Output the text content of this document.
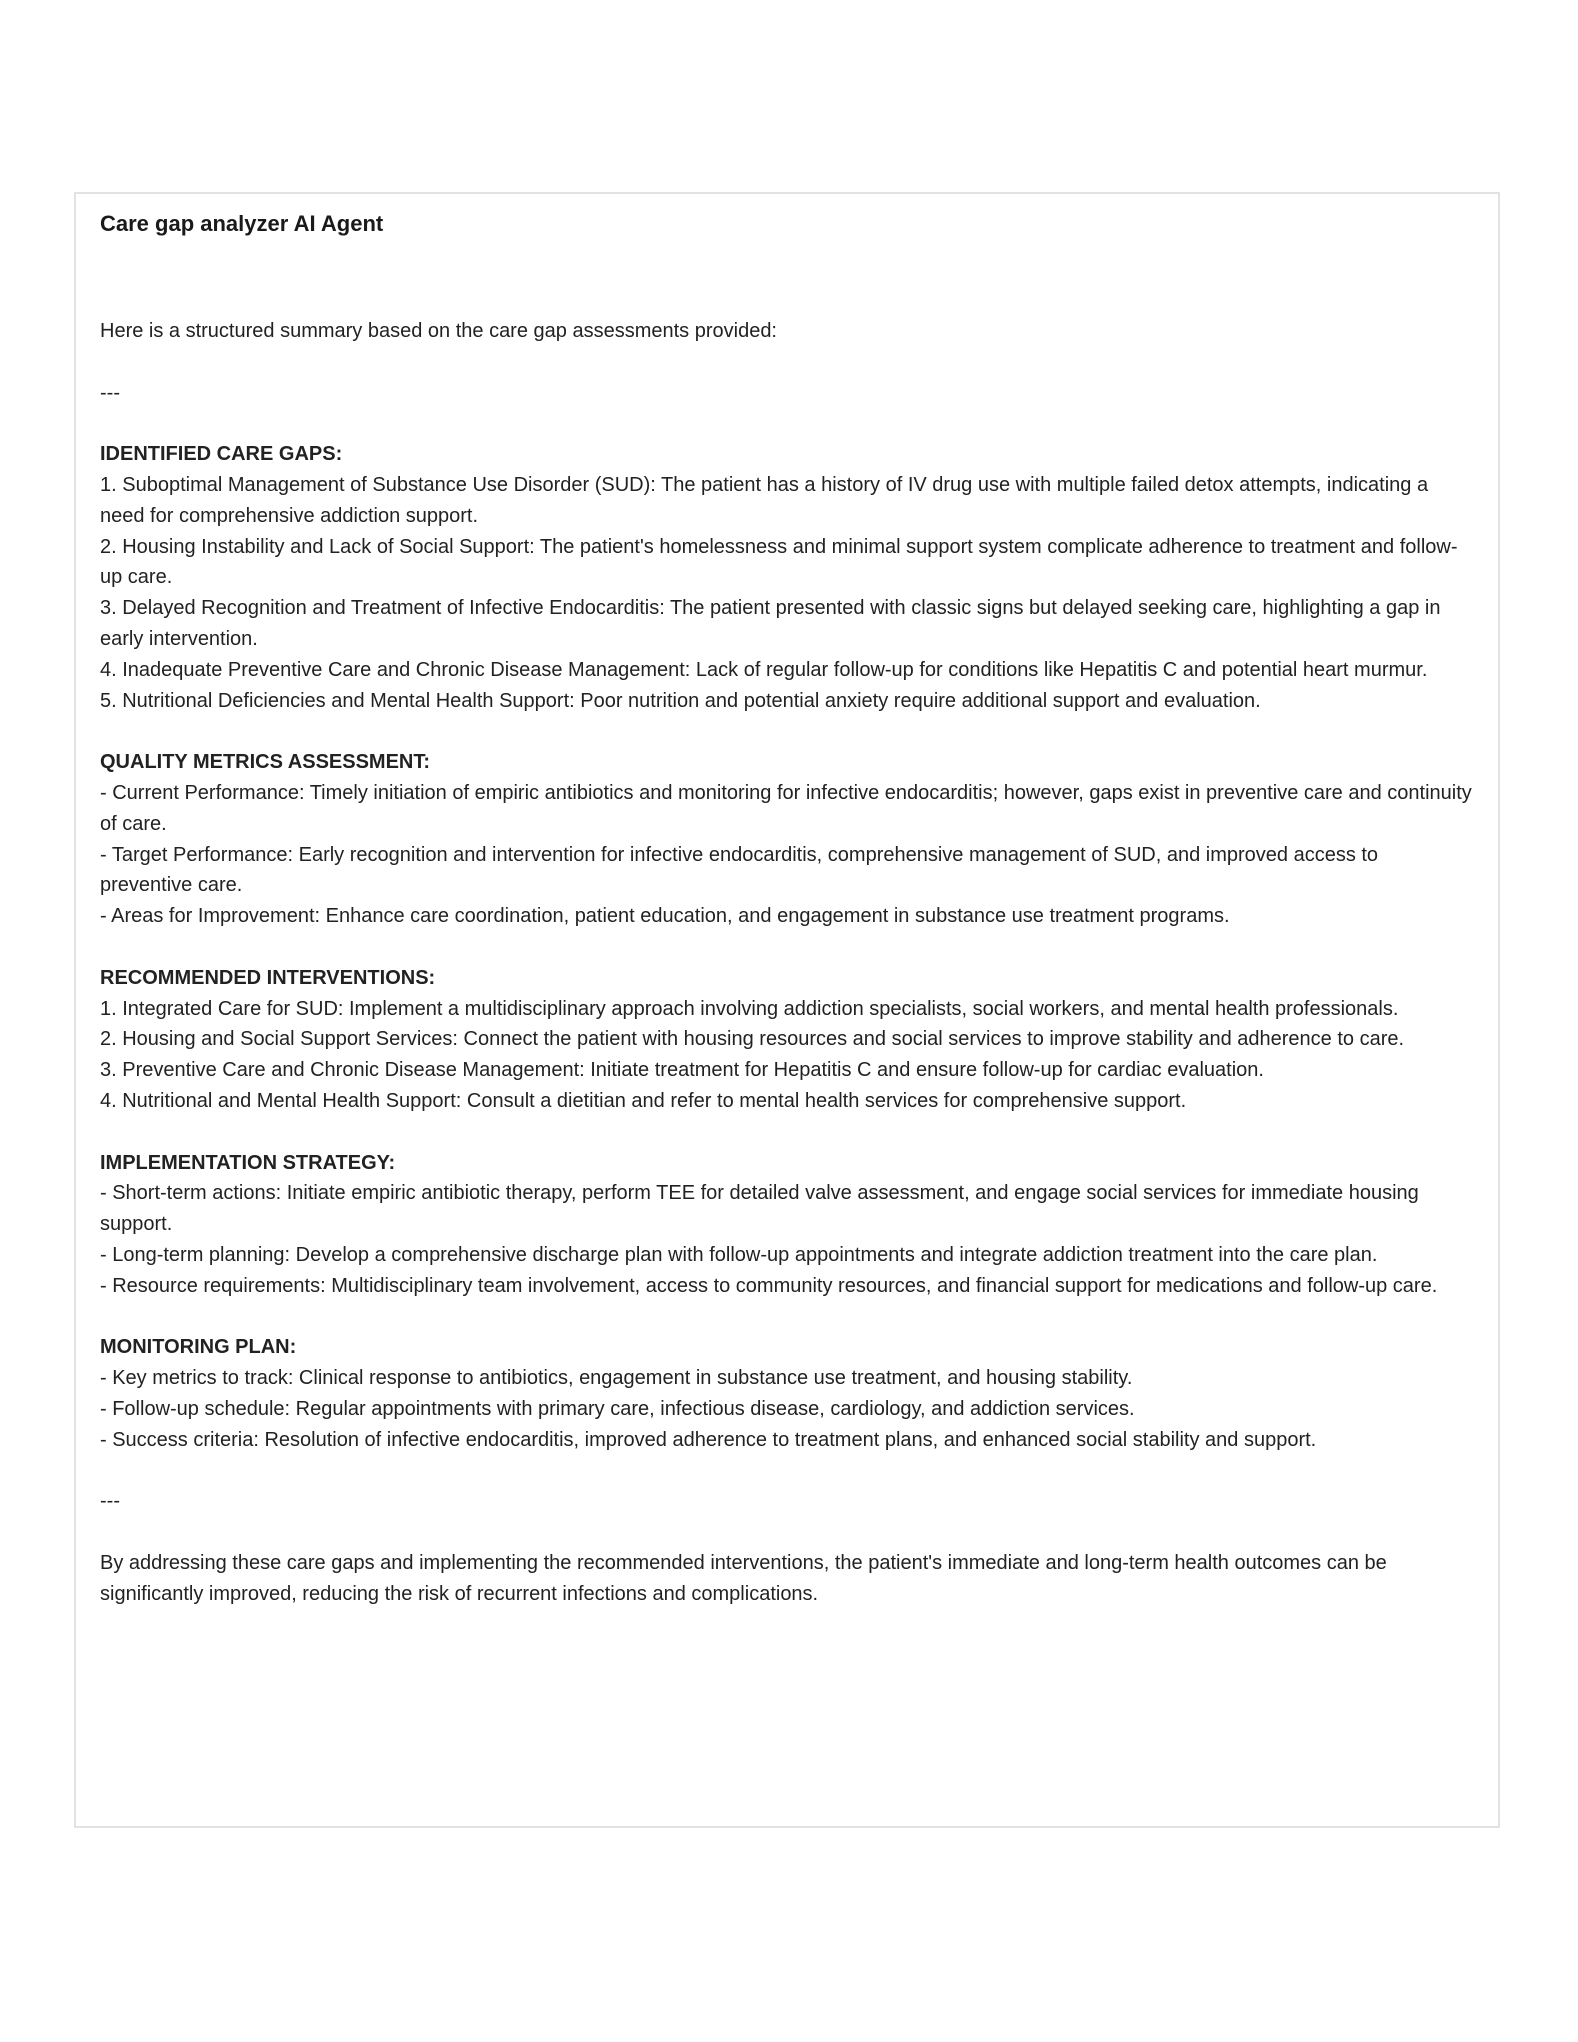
Care gap analyzer AI Agent

Here is a structured summary based on the care gap assessments provided:

---

IDENTIFIED CARE GAPS:

1. Suboptimal Management of Substance Use Disorder (SUD): The patient has a history of IV drug use with multiple failed detox attempts, indicating a need for comprehensive addiction support.

2. Housing Instability and Lack of Social Support: The patient's homelessness and minimal support system complicate adherence to treatment and follow-up care.

3. Delayed Recognition and Treatment of Infective Endocarditis: The patient presented with classic signs but delayed seeking care, highlighting a gap in early intervention.

4. Inadequate Preventive Care and Chronic Disease Management: Lack of regular follow-up for conditions like Hepatitis C and potential heart murmur.

5. Nutritional Deficiencies and Mental Health Support: Poor nutrition and potential anxiety require additional support and evaluation.

QUALITY METRICS ASSESSMENT:

- Current Performance: Timely initiation of empiric antibiotics and monitoring for infective endocarditis; however, gaps exist in preventive care and continuity of care.

- Target Performance: Early recognition and intervention for infective endocarditis, comprehensive management of SUD, and improved access to preventive care.

- Areas for Improvement: Enhance care coordination, patient education, and engagement in substance use treatment programs.

RECOMMENDED INTERVENTIONS:

1. Integrated Care for SUD: Implement a multidisciplinary approach involving addiction specialists, social workers, and mental health professionals.

2. Housing and Social Support Services: Connect the patient with housing resources and social services to improve stability and adherence to care.

3. Preventive Care and Chronic Disease Management: Initiate treatment for Hepatitis C and ensure follow-up for cardiac evaluation.

4. Nutritional and Mental Health Support: Consult a dietitian and refer to mental health services for comprehensive support.

IMPLEMENTATION STRATEGY:

- Short-term actions: Initiate empiric antibiotic therapy, perform TEE for detailed valve assessment, and engage social services for immediate housing support.

- Long-term planning: Develop a comprehensive discharge plan with follow-up appointments and integrate addiction treatment into the care plan.

- Resource requirements: Multidisciplinary team involvement, access to community resources, and financial support for medications and follow-up care.

MONITORING PLAN:

- Key metrics to track: Clinical response to antibiotics, engagement in substance use treatment, and housing stability.

- Follow-up schedule: Regular appointments with primary care, infectious disease, cardiology, and addiction services.

- Success criteria: Resolution of infective endocarditis, improved adherence to treatment plans, and enhanced social stability and support.

---

By addressing these care gaps and implementing the recommended interventions, the patient's immediate and long-term health outcomes can be significantly improved, reducing the risk of recurrent infections and complications.
